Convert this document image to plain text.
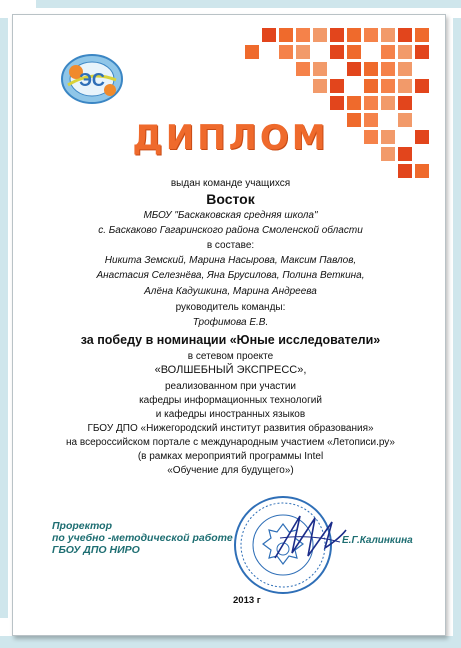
ЭС
ДИПЛОМ
выдан команде учащихся
Восток
МБОУ "Баскаковская средняя школа"
с. Баскаково Гагаринского района Смоленской области
в составе:
Никита Земский, Марина Насырова, Максим Павлов,
Анастасия Селезнёва, Яна Брусилова, Полина Веткина,
Алёна Кадушкина, Марина Андреева
руководитель команды:
Трофимова Е.В.
за победу в номинации «Юные исследователи»
в сетевом проекте
«ВОЛШЕБНЫЙ ЭКСПРЕСС»,
реализованном при участии
кафедры информационных технологий
и кафедры иностранных языков
ГБОУ ДПО «Нижегородский институт развития образования»
на всероссийском портале с международным участием «Летописи.ру»
(в рамках мероприятий программы Intel
«Обучение для будущего»)
Проректор
по учебно -методической работе
ГБОУ ДПО НИРО
Е.Г.Калинкина
2013 г
